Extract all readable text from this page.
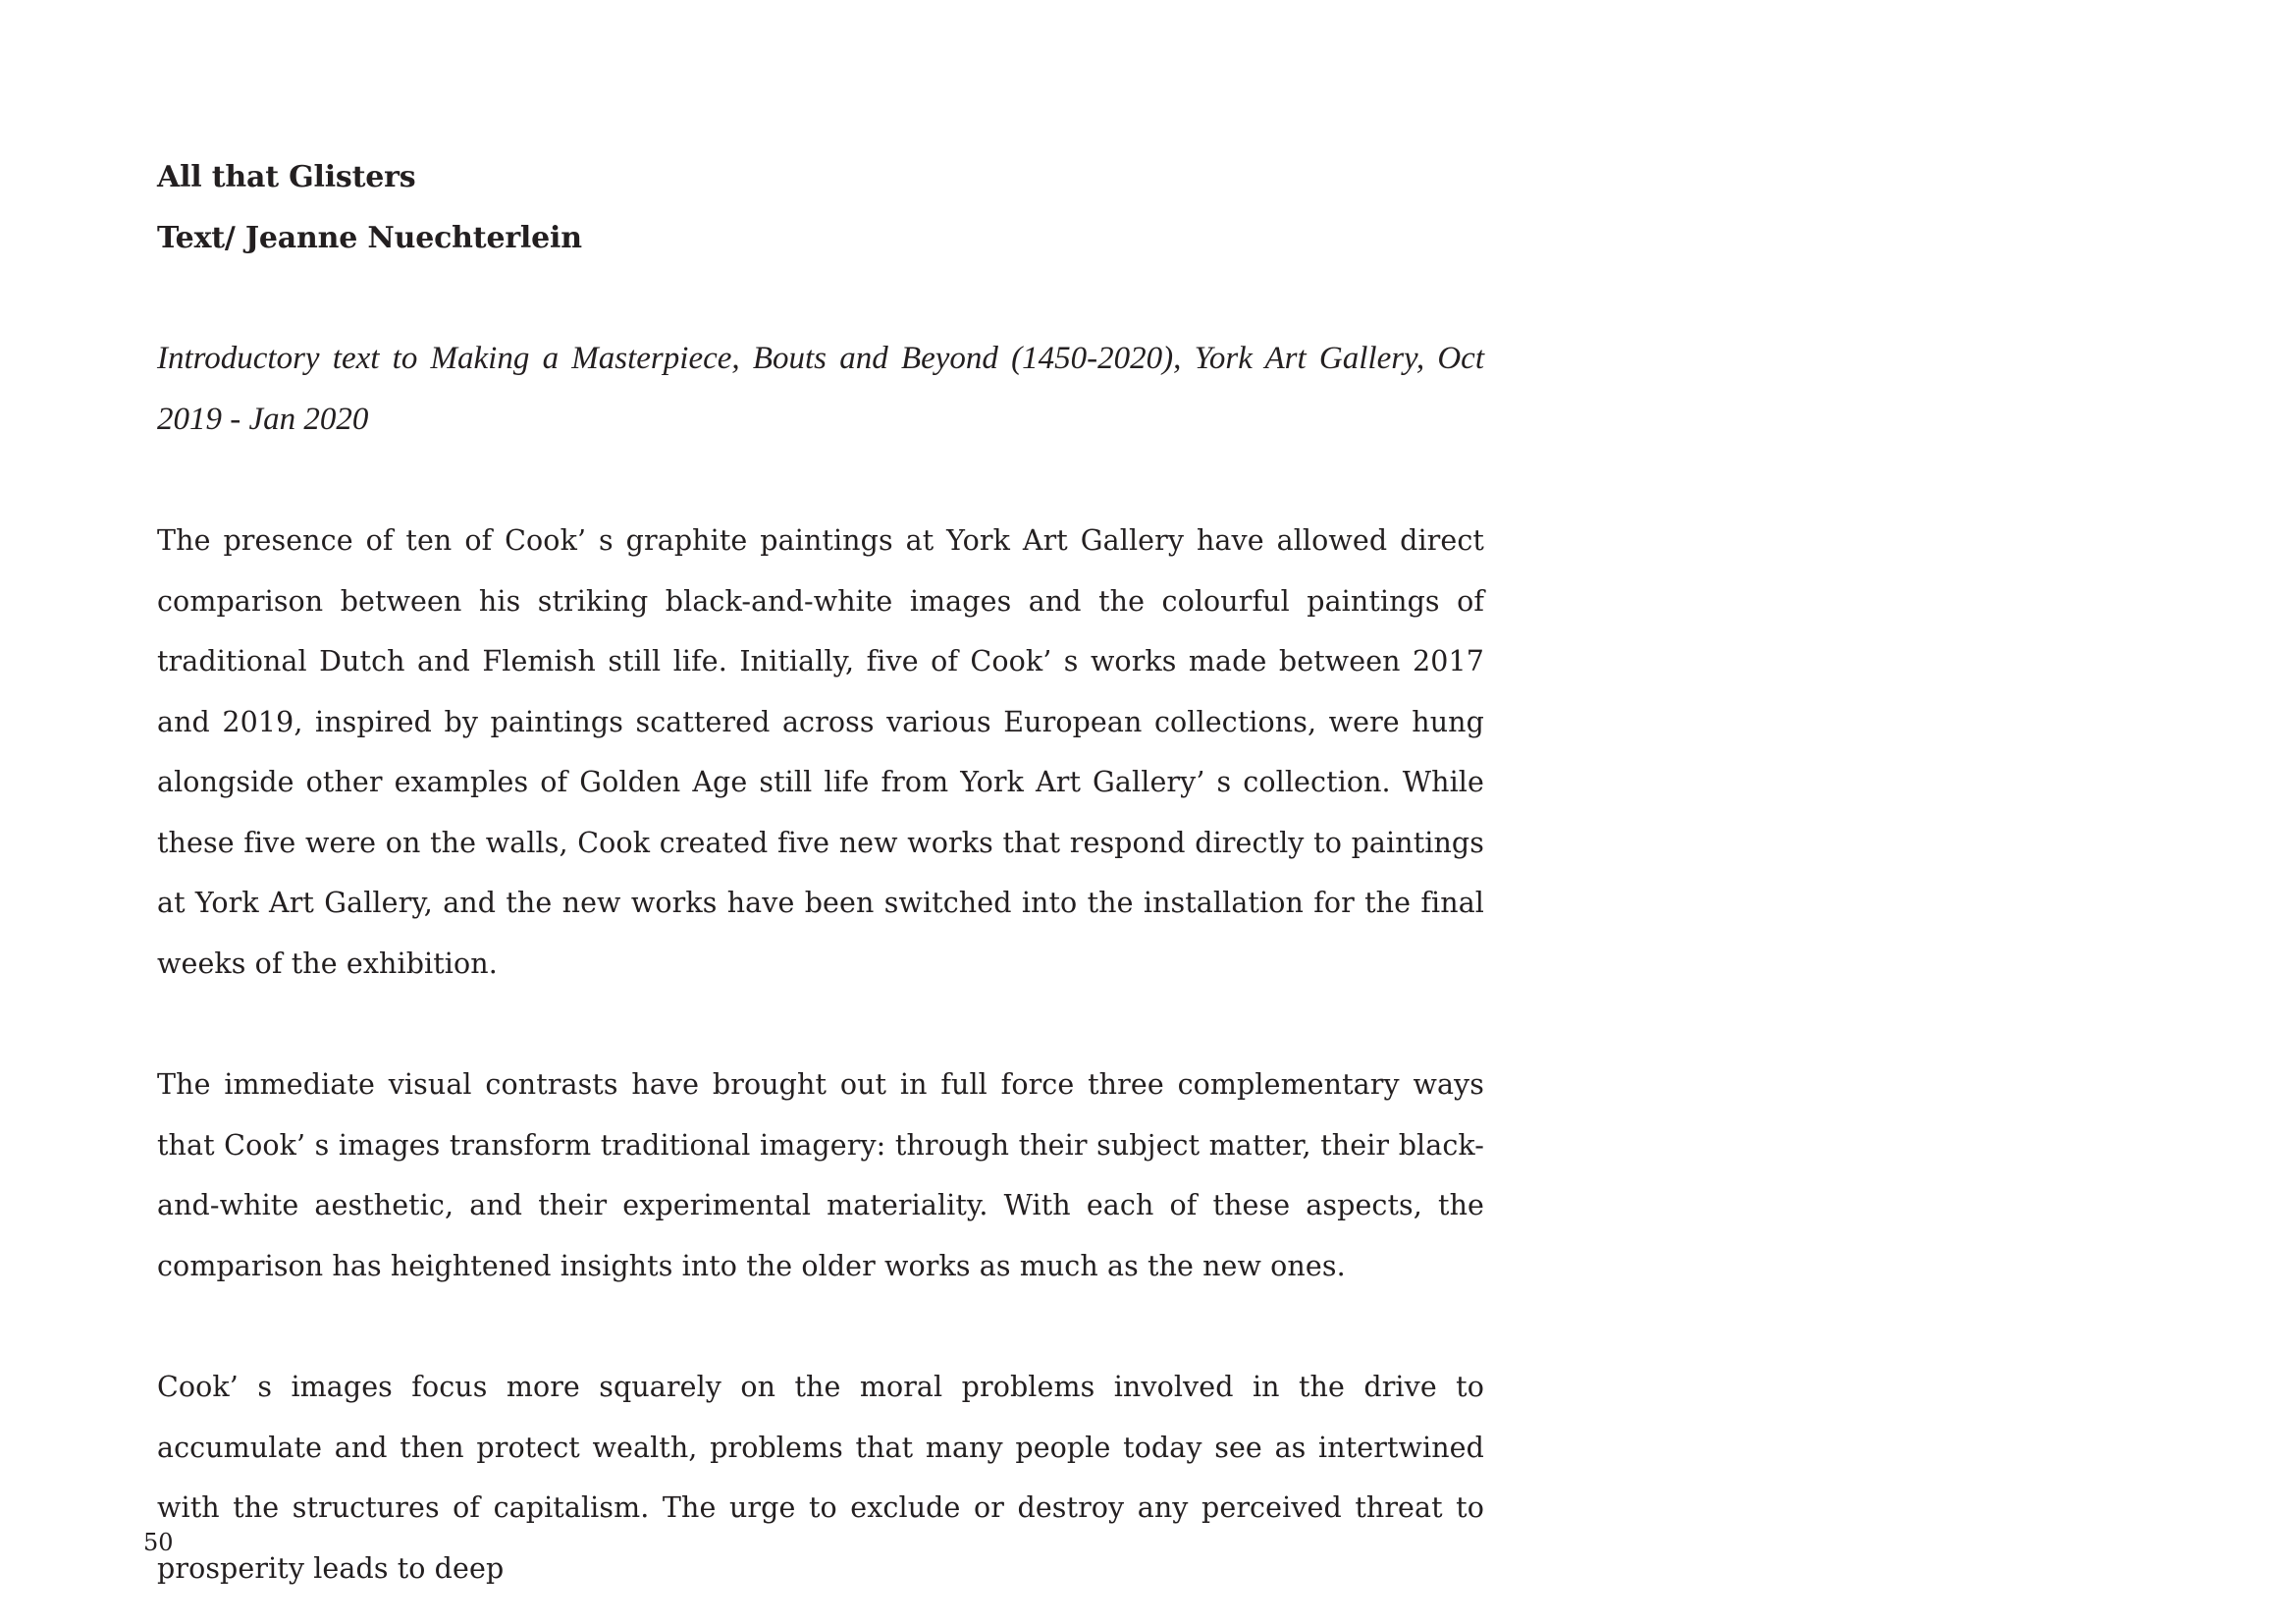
All that Glisters

Text/ Jeanne Nuechterlein

Introductory text to Making a Masterpiece, Bouts and Beyond (1450-2020), York Art Gallery, Oct 2019 - Jan 2020

The presence of ten of Cook’ s graphite paintings at York Art Gallery have allowed direct comparison between his striking black-and-white images and the colourful paintings of traditional Dutch and Flemish still life. Initially, five of Cook’ s works made between 2017 and 2019, inspired by paintings scattered across various European collections, were hung alongside other examples of Golden Age still life from York Art Gallery’ s collection. While these five were on the walls, Cook created five new works that respond directly to paintings at York Art Gallery, and the new works have been switched into the installation for the final weeks of the exhibition.

The immediate visual contrasts have brought out in full force three complementary ways that Cook’ s images transform traditional imagery: through their subject matter, their black-and-white aesthetic, and their experimental materiality. With each of these aspects, the comparison has heightened insights into the older works as much as the new ones.

Cook’ s images focus more squarely on the moral problems involved in the drive to accumulate and then protect wealth, problems that many people today see as intertwined with the structures of capitalism. The urge to exclude or destroy any perceived threat to prosperity leads to deep

50
